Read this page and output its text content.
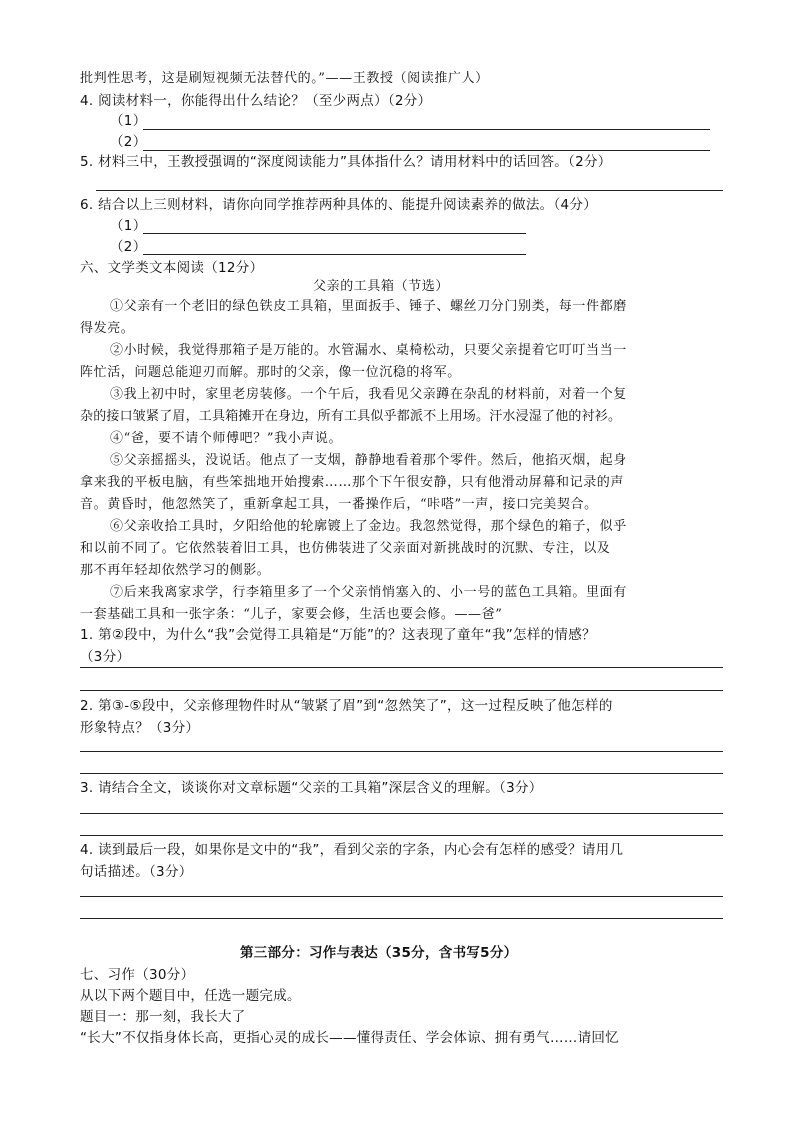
批判性思考，这是刷短视频无法替代的。”——王教授（阅读推广人）
4. 阅读材料一，你能得出什么结论？（至少两点）（2分）
（1）
（2）
5. 材料三中，王教授强调的“深度阅读能力”具体指什么？请用材料中的话回答。（2分）
6. 结合以上三则材料，请你向同学推荐两种具体的、能提升阅读素养的做法。（4分）
（1）
（2）
六、文学类文本阅读（12分）
父亲的工具箱（节选）
①父亲有一个老旧的绿色铁皮工具箱，里面扳手、锤子、螺丝刀分门别类，每一件都磨
得发亮。
②小时候，我觉得那箱子是万能的。水管漏水、桌椅松动，只要父亲提着它叮叮当当一
阵忙活，问题总能迎刃而解。那时的父亲，像一位沉稳的将军。
③我上初中时，家里老房装修。一个午后，我看见父亲蹲在杂乱的材料前，对着一个复
杂的接口皱紧了眉，工具箱摊开在身边，所有工具似乎都派不上用场。汗水浸湿了他的衬衫。
④“爸，要不请个师傅吧？”我小声说。
⑤父亲摇摇头，没说话。他点了一支烟，静静地看着那个零件。然后，他掐灭烟，起身
拿来我的平板电脑，有些笨拙地开始搜索……那个下午很安静，只有他滑动屏幕和记录的声
音。黄昏时，他忽然笑了，重新拿起工具，一番操作后，“咔嗒”一声，接口完美契合。
⑥父亲收拾工具时，夕阳给他的轮廓镀上了金边。我忽然觉得，那个绿色的箱子，似乎
和以前不同了。它依然装着旧工具，也仿佛装进了父亲面对新挑战时的沉默、专注，以及
那不再年轻却依然学习的侧影。
⑦后来我离家求学，行李箱里多了一个父亲悄悄塞入的、小一号的蓝色工具箱。里面有
一套基础工具和一张字条：“儿子，家要会修，生活也要会修。——爸”
1. 第②段中，为什么“我”会觉得工具箱是“万能”的？这表现了童年“我”怎样的情感？
（3分）
2. 第③-⑤段中，父亲修理物件时从“皱紧了眉”到“忽然笑了”，这一过程反映了他怎样的
形象特点？（3分）
3. 请结合全文，谈谈你对文章标题“父亲的工具箱”深层含义的理解。（3分）
4. 读到最后一段，如果你是文中的“我”，看到父亲的字条，内心会有怎样的感受？请用几
句话描述。（3分）
第三部分：习作与表达（35分，含书写5分）
七、习作（30分）
从以下两个题目中，任选一题完成。
题目一：那一刻，我长大了
“长大”不仅指身体长高，更指心灵的成长——懂得责任、学会体谅、拥有勇气……请回忆
